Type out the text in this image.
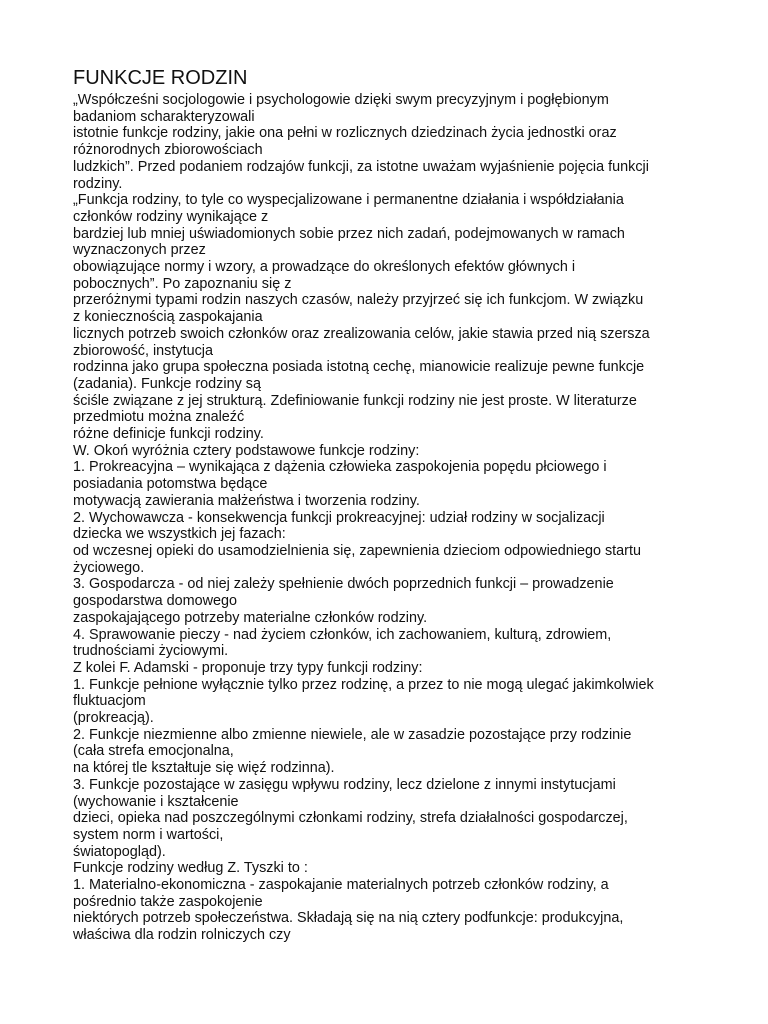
FUNKCJE RODZIN
„Współcześni socjologowie i psychologowie dzięki swym precyzyjnym i pogłębionym
badaniom scharakteryzowali
istotnie funkcje rodziny, jakie ona pełni w rozlicznych dziedzinach życia jednostki oraz
różnorodnych zbiorowościach
ludzkich”. Przed podaniem rodzajów funkcji, za istotne uważam wyjaśnienie pojęcia funkcji
rodziny.
„Funkcja rodziny, to tyle co wyspecjalizowane i permanentne działania i współdziałania
członków rodziny wynikające z
bardziej lub mniej uświadomionych sobie przez nich zadań, podejmowanych w ramach
wyznaczonych przez
obowiązujące normy i wzory, a prowadzące do określonych efektów głównych i
pobocznych”. Po zapoznaniu się z
przeróżnymi typami rodzin naszych czasów, należy przyjrzeć się ich funkcjom. W związku
z koniecznością zaspokajania
licznych potrzeb swoich członków oraz zrealizowania celów, jakie stawia przed nią szersza
zbiorowość, instytucja
rodzinna jako grupa społeczna posiada istotną cechę, mianowicie realizuje pewne funkcje
(zadania). Funkcje rodziny są
ściśle związane z jej strukturą. Zdefiniowanie funkcji rodziny nie jest proste. W literaturze
przedmiotu można znaleźć
różne definicje funkcji rodziny.
W. Okoń wyróżnia cztery podstawowe funkcje rodziny:
1. Prokreacyjna – wynikająca z dążenia człowieka zaspokojenia popędu płciowego i
posiadania potomstwa będące
motywacją zawierania małżeństwa i tworzenia rodziny.
2. Wychowawcza - konsekwencja funkcji prokreacyjnej: udział rodziny w socjalizacji
dziecka we wszystkich jej fazach:
od wczesnej opieki do usamodzielnienia się, zapewnienia dzieciom odpowiedniego startu
życiowego.
3. Gospodarcza - od niej zależy spełnienie dwóch poprzednich funkcji – prowadzenie
gospodarstwa domowego
zaspokajającego potrzeby materialne członków rodziny.
4. Sprawowanie pieczy - nad życiem członków, ich zachowaniem, kulturą, zdrowiem,
trudnościami życiowymi.
Z kolei F. Adamski - proponuje trzy typy funkcji rodziny:
1. Funkcje pełnione wyłącznie tylko przez rodzinę, a przez to nie mogą ulegać jakimkolwiek
fluktuacjom
(prokreacją).
2. Funkcje niezmienne albo zmienne niewiele, ale w zasadzie pozostające przy rodzinie
(cała strefa emocjonalna,
na której tle kształtuje się więź rodzinna).
3. Funkcje pozostające w zasięgu wpływu rodziny, lecz dzielone z innymi instytucjami
(wychowanie i kształcenie
dzieci, opieka nad poszczególnymi członkami rodziny, strefa działalności gospodarczej,
system norm i wartości,
światopogląd).
Funkcje rodziny według Z. Tyszki to :
1. Materialno-ekonomiczna - zaspokajanie materialnych potrzeb członków rodziny, a
pośrednio także zaspokojenie
niektórych potrzeb społeczeństwa. Składają się na nią cztery podfunkcje: produkcyjna,
właściwa dla rodzin rolniczych czy
